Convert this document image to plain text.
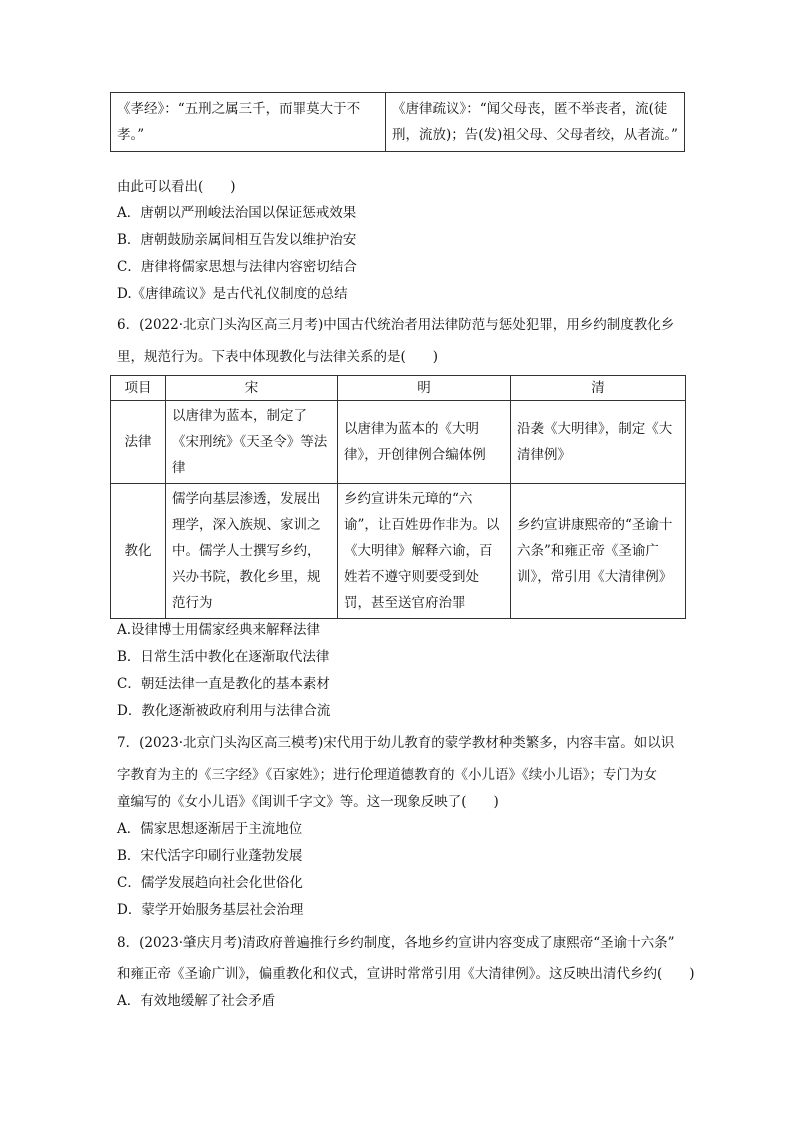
《孝经》：“五刑之属三千，而罪莫大于不孝。”	《唐律疏议》：“闻父母丧，匿不举丧者，流(徒刑，流放)；告(发)祖父母、父母者绞，从者流。”
由此可以看出(　　)
A．唐朝以严刑峻法治国以保证惩戒效果
B．唐朝鼓励亲属间相互告发以维护治安
C．唐律将儒家思想与法律内容密切结合
D.《唐律疏议》是古代礼仪制度的总结
6．(2022·北京门头沟区高三月考)中国古代统治者用法律防范与惩处犯罪，用乡约制度教化乡
里，规范行为。下表中体现教化与法律关系的是(　　)
项目	宋	明	清
法律	以唐律为蓝本，制定了《宋刑统》《天圣令》等法律	以唐律为蓝本的《大明律》，开创律例合编体例	沿袭《大明律》，制定《大清律例》
教化	儒学向基层渗透，发展出理学，深入族规、家训之中。儒学人士撰写乡约，兴办书院，教化乡里，规范行为	乡约宣讲朱元璋的“六谕”，让百姓毋作非为。以《大明律》解释六谕，百姓若不遵守则要受到处罚，甚至送官府治罪	乡约宣讲康熙帝的“圣谕十六条”和雍正帝《圣谕广训》，常引用《大清律例》
A.设律博士用儒家经典来解释法律
B．日常生活中教化在逐渐取代法律
C．朝廷法律一直是教化的基本素材
D．教化逐渐被政府利用与法律合流
7．(2023·北京门头沟区高三模考)宋代用于幼儿教育的蒙学教材种类繁多，内容丰富。如以识
字教育为主的《三字经》《百家姓》；进行伦理道德教育的《小儿语》《续小儿语》；专门为女
童编写的《女小儿语》《闺训千字文》等。这一现象反映了(　　)
A．儒家思想逐渐居于主流地位
B．宋代活字印刷行业蓬勃发展
C．儒学发展趋向社会化世俗化
D．蒙学开始服务基层社会治理
8．(2023·肇庆月考)清政府普遍推行乡约制度，各地乡约宣讲内容变成了康熙帝“圣谕十六条”
和雍正帝《圣谕广训》，偏重教化和仪式，宣讲时常常引用《大清律例》。这反映出清代乡约(　　)
A．有效地缓解了社会矛盾
